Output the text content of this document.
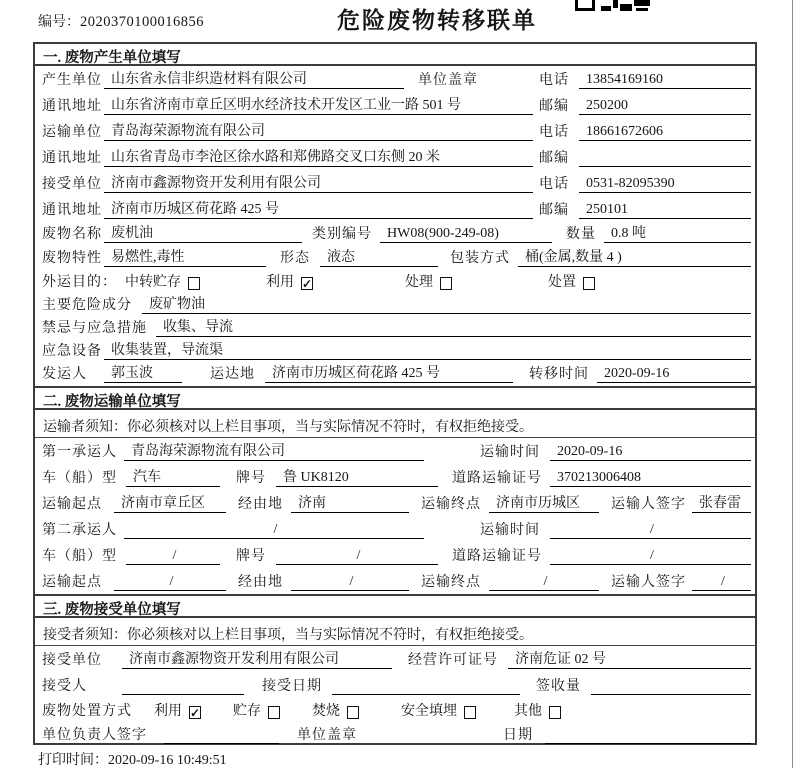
编号：2020370100016856	危险废物转移联单
一. 废物产生单位填写
产生单位 山东省永信非织造材料有限公司	单位盖章	电话	13854169160
通讯地址 山东省济南市章丘区明水经济技术开发区工业一路 501 号	邮编	250200
运输单位 青岛海荣源物流有限公司	电话	18661672606
通讯地址 山东省青岛市李沧区徐水路和郑佛路交叉口东侧 20 米	邮编
接受单位 济南市鑫源物资开发利用有限公司	电话	0531-82095390
通讯地址 济南市历城区荷花路 425 号	邮编	250101
废物名称 废机油	类别编号	HW08(900-249-08)	数量	0.8 吨
废物特性 易燃性,毒性	形态	液态	包装方式	桶(金属,数量 4 )
外运目的： 中转贮存	利用 ✓	处理	处置
主要危险成分	废矿物油
禁忌与应急措施	收集、导流
应急设备 收集装置，导流渠
发运人	郭玉波	运达地	济南市历城区荷花路 425 号	转移时间	2020-09-16
二. 废物运输单位填写
运输者须知：你必须核对以上栏目事项，当与实际情况不符时，有权拒绝接受。
第一承运人	青岛海荣源物流有限公司	运输时间	2020-09-16
车（船）型	汽车	牌号	鲁 UK8120	道路运输证号	370213006408
运输起点	济南市章丘区	经由地	济南	运输终点	济南市历城区	运输人签字 张春雷
第二承运人	/	运输时间	/
车（船）型	/	牌号	/	道路运输证号	/
运输起点	/	经由地	/	运输终点	/	运输人签字	/
三. 废物接受单位填写
接受者须知：你必须核对以上栏目事项，当与实际情况不符时，有权拒绝接受。
接受单位	济南市鑫源物资开发利用有限公司	经营许可证号	济南危证 02 号
接受人	接受日期	签收量
废物处置方式 利用 ✓ 贮存	焚烧	安全填埋	其他
单位负责人签字	单位盖章	日期
打印时间：2020-09-16 10:49:51
